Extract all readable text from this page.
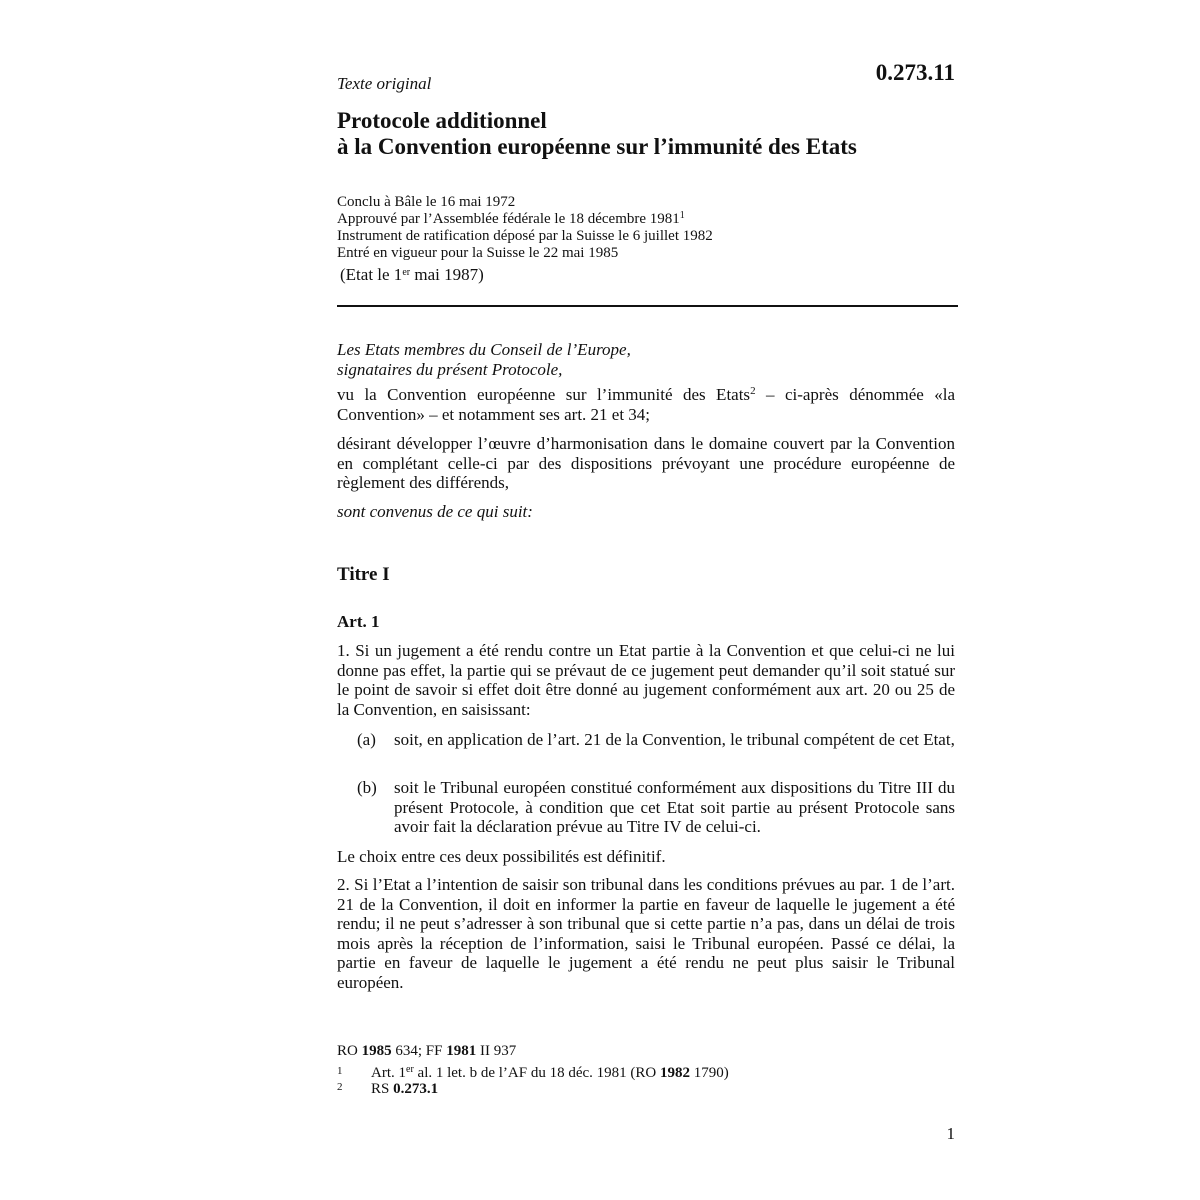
Texte original	0.273.11
Protocole additionnel
à la Convention européenne sur l’immunité des Etats
Conclu à Bâle le 16 mai 1972
Approuvé par l’Assemblée fédérale le 18 décembre 1981$^1$
Instrument de ratification déposé par la Suisse le 6 juillet 1982
Entré en vigueur pour la Suisse le 22 mai 1985
(Etat le 1er mai 1987)
Les Etats membres du Conseil de l’Europe,
signataires du présent Protocole,
vu la Convention européenne sur l’immunité des Etats$^2$ – ci-après dénommée «la Convention» – et notamment ses art. 21 et 34;
désirant développer l’œuvre d’harmonisation dans le domaine couvert par la Convention en complétant celle-ci par des dispositions prévoyant une procédure européenne de règlement des différends,
sont convenus de ce qui suit:
Titre I
Art. 1
1. Si un jugement a été rendu contre un Etat partie à la Convention et que celui-ci ne lui donne pas effet, la partie qui se prévaut de ce jugement peut demander qu’il soit statué sur le point de savoir si effet doit être donné au jugement conformément aux art. 20 ou 25 de la Convention, en saisissant:
(a) soit, en application de l’art. 21 de la Convention, le tribunal compétent de cet Etat,
(b) soit le Tribunal européen constitué conformément aux dispositions du Titre III du présent Protocole, à condition que cet Etat soit partie au présent Protocole sans avoir fait la déclaration prévue au Titre IV de celui-ci.
Le choix entre ces deux possibilités est définitif.
2. Si l’Etat a l’intention de saisir son tribunal dans les conditions prévues au par. 1 de l’art. 21 de la Convention, il doit en informer la partie en faveur de laquelle le jugement a été rendu; il ne peut s’adresser à son tribunal que si cette partie n’a pas, dans un délai de trois mois après la réception de l’information, saisi le Tribunal européen. Passé ce délai, la partie en faveur de laquelle le jugement a été rendu ne peut plus saisir le Tribunal européen.
RO 1985 634; FF 1981 II 937
1 Art. 1er al. 1 let. b de l’AF du 18 déc. 1981 (RO 1982 1790)
2 RS 0.273.1
1
